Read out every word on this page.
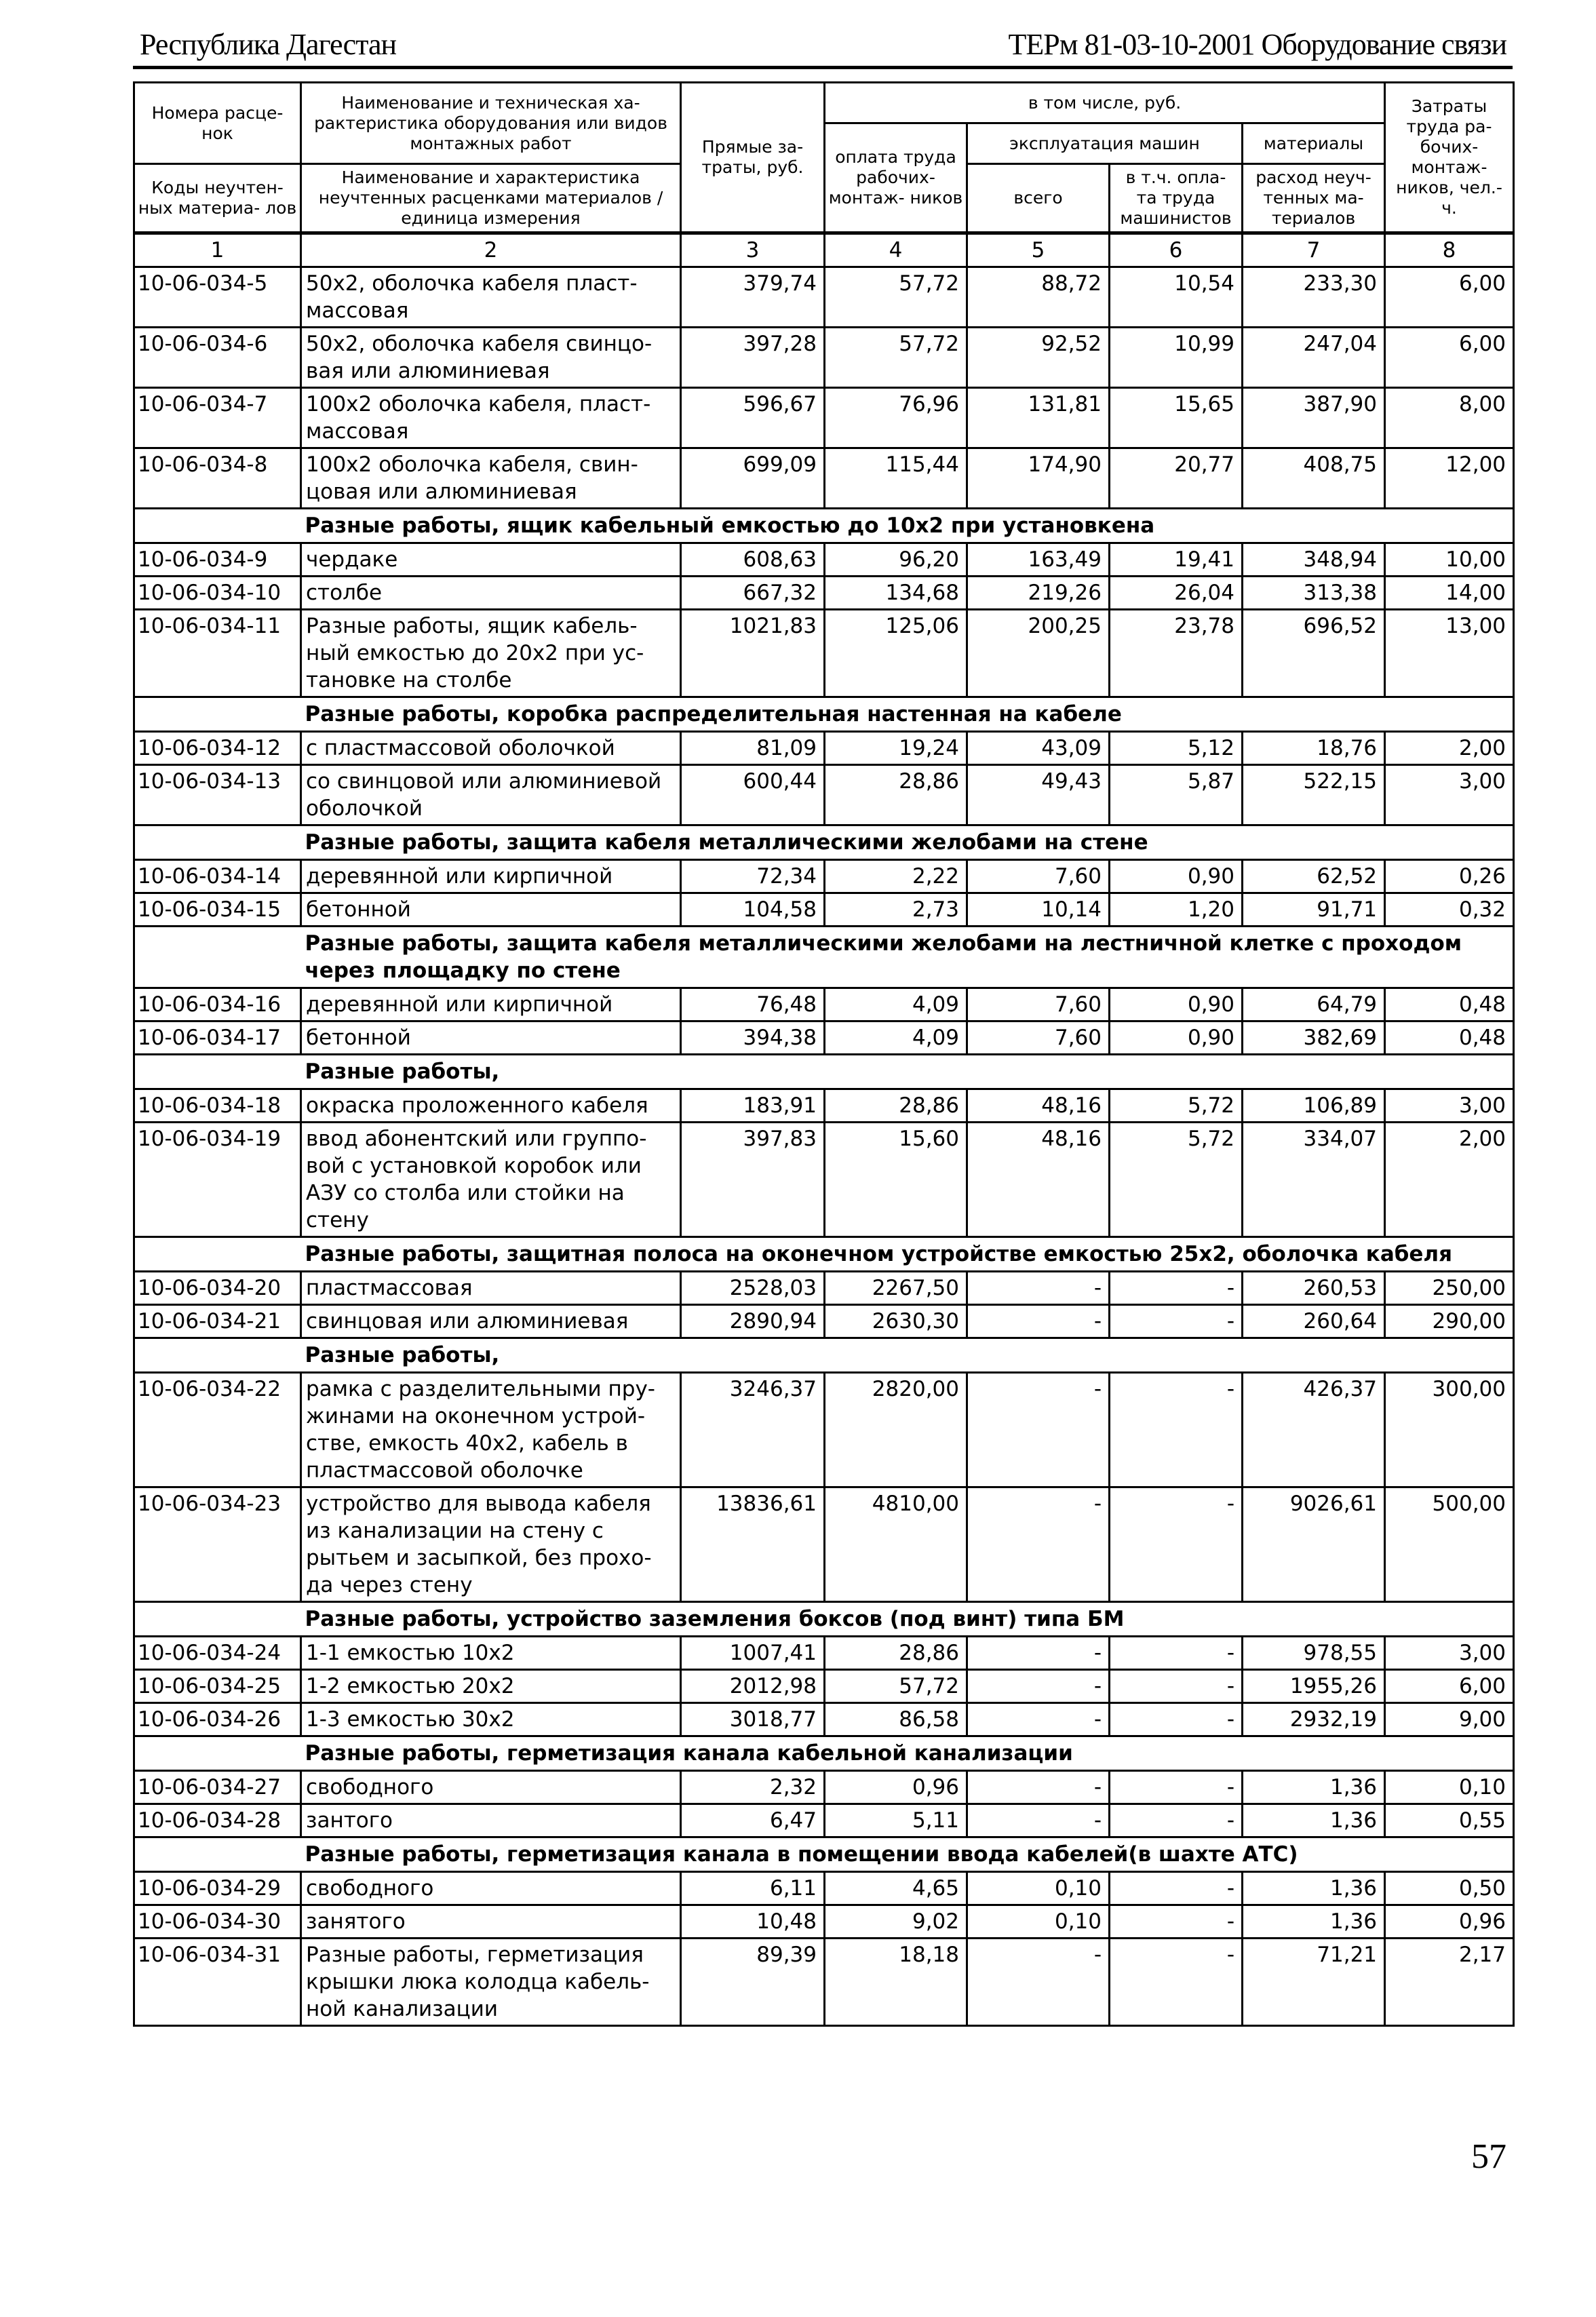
Республика Дагестан	ТЕРм 81-03-10-2001 Оборудование связи
Номера расце- нок	Наименование и техническая ха- рактеристика оборудования или видов монтажных работ	Прямые за- траты, руб.	в том числе, руб.				Затраты труда ра- бочих- монтаж- ников, чел.-ч.
			оплата труда рабочих- монтаж- ников	эксплуатация машин		материалы	
Коды неучтен- ных материа- лов	Наименование и характеристика неучтенных расценками материалов / единица измерения			всего	в т.ч. опла- та труда машинистов	расход неуч- тенных ма- териалов	

1	2	3	4	5	6	7	8
10-06-034-5	50х2, оболочка кабеля пласт- массовая	379,74	57,72	88,72	10,54	233,30	6,00
10-06-034-6	50х2, оболочка кабеля свинцо- вая или алюминиевая	397,28	57,72	92,52	10,99	247,04	6,00
10-06-034-7	100х2 оболочка кабеля, пласт- массовая	596,67	76,96	131,81	15,65	387,90	8,00
10-06-034-8	100х2 оболочка кабеля, свин- цовая или алюминиевая	699,09	115,44	174,90	20,77	408,75	12,00
	Разные работы, ящик кабельный емкостью до 10х2 при установкена						
10-06-034-9	чердаке	608,63	96,20	163,49	19,41	348,94	10,00
10-06-034-10	столбе	667,32	134,68	219,26	26,04	313,38	14,00
10-06-034-11	Разные работы, ящик кабель- ный емкостью до 20х2 при ус- тановке на столбе	1021,83	125,06	200,25	23,78	696,52	13,00
	Разные работы, коробка распределительная настенная на кабеле						
10-06-034-12	с пластмассовой оболочкой	81,09	19,24	43,09	5,12	18,76	2,00
10-06-034-13	со свинцовой или алюминиевой оболочкой	600,44	28,86	49,43	5,87	522,15	3,00
	Разные работы, защита кабеля металлическими желобами на стене						
10-06-034-14	деревянной или кирпичной	72,34	2,22	7,60	0,90	62,52	0,26
10-06-034-15	бетонной	104,58	2,73	10,14	1,20	91,71	0,32
	Разные работы, защита кабеля металлическими желобами на лестничной клетке с проходом через площадку по стене						
10-06-034-16	деревянной или кирпичной	76,48	4,09	7,60	0,90	64,79	0,48
10-06-034-17	бетонной	394,38	4,09	7,60	0,90	382,69	0,48
	Разные работы,						
10-06-034-18	окраска проложенного кабеля	183,91	28,86	48,16	5,72	106,89	3,00
10-06-034-19	ввод абонентский или группо- вой с установкой коробок или АЗУ со столба или стойки на стену	397,83	15,60	48,16	5,72	334,07	2,00
	Разные работы, защитная полоса на оконечном устройстве емкостью 25х2, оболочка кабеля						
10-06-034-20	пластмассовая	2528,03	2267,50	-	-	260,53	250,00
10-06-034-21	свинцовая или алюминиевая	2890,94	2630,30	-	-	260,64	290,00
	Разные работы,						
10-06-034-22	рамка с разделительными пру- жинами на оконечном устрой- стве, емкость 40х2, кабель в пластмассовой оболочке	3246,37	2820,00	-	-	426,37	300,00
10-06-034-23	устройство для вывода кабеля из канализации на стену с рытьем и засыпкой, без прохо- да через стену	13836,61	4810,00	-	-	9026,61	500,00
	Разные работы, устройство заземления боксов (под винт) типа БМ						
10-06-034-24	1-1 емкостью 10х2	1007,41	28,86	-	-	978,55	3,00
10-06-034-25	1-2 емкостью 20х2	2012,98	57,72	-	-	1955,26	6,00
10-06-034-26	1-3 емкостью 30х2	3018,77	86,58	-	-	2932,19	9,00
	Разные работы, герметизация канала кабельной канализации						
10-06-034-27	свободного	2,32	0,96	-	-	1,36	0,10
10-06-034-28	зантого	6,47	5,11	-	-	1,36	0,55
	Разные работы, герметизация канала в помещении ввода кабелей(в шахте АТС)						
10-06-034-29	свободного	6,11	4,65	0,10	-	1,36	0,50
10-06-034-30	занятого	10,48	9,02	0,10	-	1,36	0,96
10-06-034-31	Разные работы, герметизация крышки люка колодца кабель- ной канализации	89,39	18,18	-	-	71,21	2,17
57
